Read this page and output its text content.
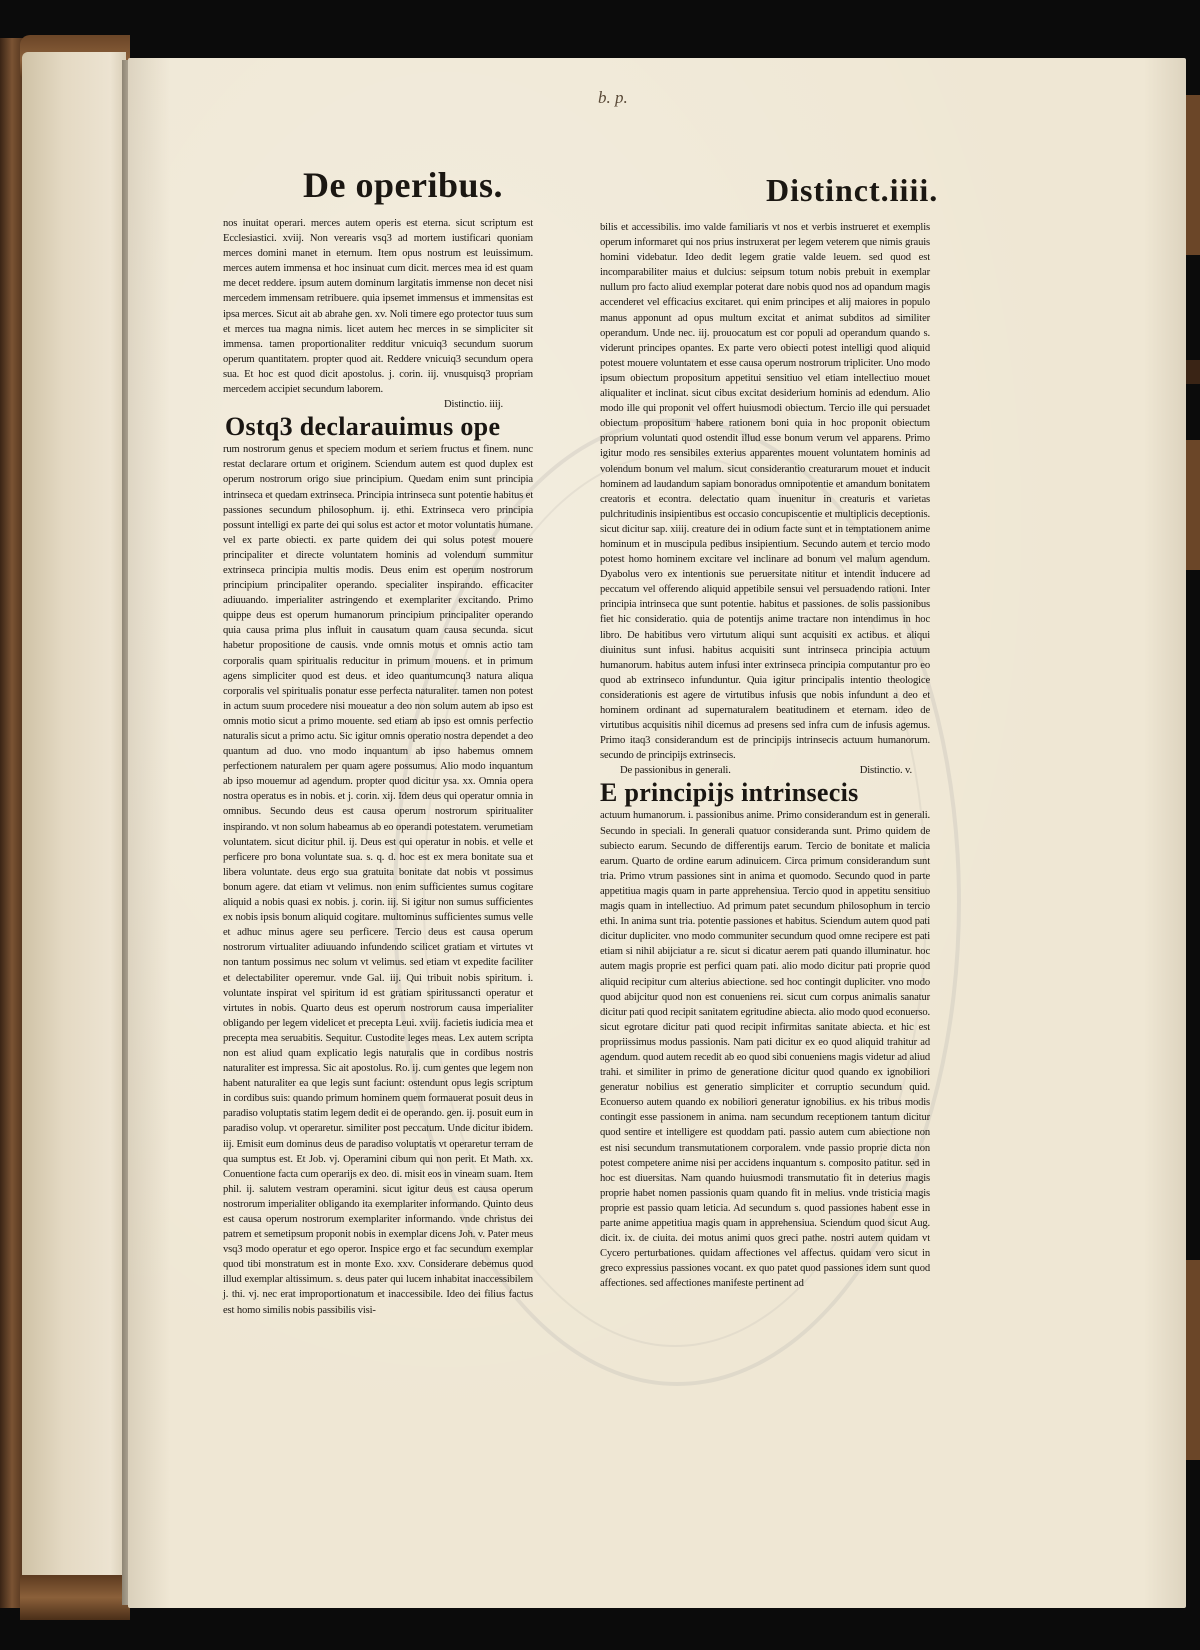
b. p.
De operibus.	Distinct.iiii.

nos inuitat operari. merces autem operis est eterna. sicut scriptum est Ecclesiastici. xviij. Non verearis vsq3 ad mortem iustificari quoniam merces domini manet in eternum. Item opus nostrum est leuissimum. merces autem immensa et hoc insinuat cum dicit. merces mea id est quam me decet reddere. ipsum autem dominum largitatis immense non decet nisi mercedem immensam retribuere. quia ipsemet immensus et immensitas est ipsa merces. Sicut ait ab abrahe gen. xv. Noli timere ego protector tuus sum et merces tua magna nimis. licet autem hec merces in se simpliciter sit immensa. tamen proportionaliter redditur vnicuiq3 secundum suorum operum quantitatem. propter quod ait. Reddere vnicuiq3 secundum opera sua. Et hoc est quod dicit apostolus. j. corin. iij. vnusquisq3 propriam mercedem accipiet secundum laborem.

Distinctio. iiij.

Ostq3 declarauimus ope

rum nostrorum genus et speciem modum et seriem fructus et finem. nunc restat declarare ortum et originem. Sciendum autem est quod duplex est operum nostrorum origo siue principium. Quedam enim sunt principia intrinseca et quedam extrinseca. Principia intrinseca sunt potentie habitus et passiones secundum philosophum. ij. ethi. Extrinseca vero principia possunt intelligi ex parte dei qui solus est actor et motor voluntatis humane. vel ex parte obiecti. ex parte quidem dei qui solus potest mouere principaliter et directe voluntatem hominis ad volendum summitur extrinseca principia multis modis. Deus enim est operum nostrorum principium principaliter operando. specialiter inspirando. efficaciter adiuuando. imperialiter astringendo et exemplariter excitando. Primo quippe deus est operum humanorum principium principaliter operando quia causa prima plus influit in causatum quam causa secunda. sicut habetur propositione de causis. vnde omnis motus et omnis actio tam corporalis quam spiritualis reducitur in primum mouens. et in primum agens simpliciter quod est deus. et ideo quantumcunq3 natura aliqua corporalis vel spiritualis ponatur esse perfecta naturaliter. tamen non potest in actum suum procedere nisi moueatur a deo non solum autem ab ipso est omnis motio sicut a primo mouente. sed etiam ab ipso est omnis perfectio naturalis sicut a primo actu. Sic igitur omnis operatio nostra dependet a deo quantum ad duo. vno modo inquantum ab ipso habemus omnem perfectionem naturalem per quam agere possumus. Alio modo inquantum ab ipso mouemur ad agendum. propter quod dicitur ysa. xx. Omnia opera nostra operatus es in nobis. et j. corin. xij. Idem deus qui operatur omnia in omnibus. Secundo deus est causa operum nostrorum spiritualiter inspirando. vt non solum habeamus ab eo operandi potestatem. verumetiam voluntatem. sicut dicitur phil. ij. Deus est qui operatur in nobis. et velle et perficere pro bona voluntate sua. s. q. d. hoc est ex mera bonitate sua et libera voluntate. deus ergo sua gratuita bonitate dat nobis vt possimus bonum agere. dat etiam vt velimus. non enim sufficientes sumus cogitare aliquid a nobis quasi ex nobis. j. corin. iij. Si igitur non sumus sufficientes ex nobis ipsis bonum aliquid cogitare. multominus sufficientes sumus velle et adhuc minus agere seu perficere. Tercio deus est causa operum nostrorum virtualiter adiuuando infundendo scilicet gratiam et virtutes vt non tantum possimus nec solum vt velimus. sed etiam vt expedite faciliter et delectabiliter operemur. vnde Gal. iij. Qui tribuit nobis spiritum. i. voluntate inspirat vel spiritum id est gratiam spiritussancti operatur et virtutes in nobis. Quarto deus est operum nostrorum causa imperialiter obligando per legem videlicet et precepta Leui. xviij. facietis iudicia mea et precepta mea seruabitis. Sequitur. Custodite leges meas. Lex autem scripta non est aliud quam explicatio legis naturalis que in cordibus nostris naturaliter est impressa. Sic ait apostolus. Ro. ij. cum gentes que legem non habent naturaliter ea que legis sunt faciunt: ostendunt opus legis scriptum in cordibus suis: quando primum hominem quem formauerat posuit deus in paradiso voluptatis statim legem dedit ei de operando. gen. ij. posuit eum in paradiso volup. vt operaretur. similiter post peccatum. Unde dicitur ibidem. iij. Emisit eum dominus deus de paradiso voluptatis vt operaretur terram de qua sumptus est. Et Job. vj. Operamini cibum qui non perit. Et Math. xx. Conuentione facta cum operarijs ex deo. di. misit eos in vineam suam. Item phil. ij. salutem vestram operamini. sicut igitur deus est causa operum nostrorum imperialiter obligando ita exemplariter informando. Quinto deus est causa operum nostrorum exemplariter informando. vnde christus dei patrem et semetipsum proponit nobis in exemplar dicens Joh. v. Pater meus vsq3 modo operatur et ego operor. Inspice ergo et fac secundum exemplar quod tibi monstratum est in monte Exo. xxv. Considerare debemus quod illud exemplar altissimum. s. deus pater qui lucem inhabitat inaccessibilem j. thi. vj. nec erat improportionatum et inaccessibile. Ideo dei filius factus est homo similis nobis passibilis visi-

bilis et accessibilis. imo valde familiaris vt nos et verbis instrueret et exemplis operum informaret qui nos prius instruxerat per legem veterem que nimis grauis homini videbatur. Ideo dedit legem gratie valde leuem. sed quod est incomparabiliter maius et dulcius: seipsum totum nobis prebuit in exemplar nullum pro facto aliud exemplar poterat dare nobis quod nos ad opandum magis accenderet vel efficacius excitaret. qui enim principes et alij maiores in populo manus apponunt ad opus multum excitat et animat subditos ad similiter operandum. Unde nec. iij. prouocatum est cor populi ad operandum quando s. viderunt principes opantes. Ex parte vero obiecti potest intelligi quod aliquid potest mouere voluntatem et esse causa operum nostrorum tripliciter. Uno modo ipsum obiectum propositum appetitui sensitiuo vel etiam intellectiuo mouet aliqualiter et inclinat. sicut cibus excitat desiderium hominis ad edendum. Alio modo ille qui proponit vel offert huiusmodi obiectum. Tercio ille qui persuadet obiectum propositum habere rationem boni quia in hoc proponit obiectum proprium voluntati quod ostendit illud esse bonum verum vel apparens. Primo igitur modo res sensibiles exterius apparentes mouent voluntatem hominis ad volendum bonum vel malum. sicut considerantio creaturarum mouet et inducit hominem ad laudandum sapiam bonoradus omnipotentie et amandum bonitatem creatoris et econtra. delectatio quam inuenitur in creaturis et varietas pulchritudinis insipientibus est occasio concupiscentie et multiplicis deceptionis. sicut dicitur sap. xiiij. creature dei in odium facte sunt et in temptationem anime hominum et in muscipula pedibus insipientium. Secundo autem et tercio modo potest homo hominem excitare vel inclinare ad bonum vel malum agendum. Dyabolus vero ex intentionis sue peruersitate nititur et intendit inducere ad peccatum vel offerendo aliquid appetibile sensui vel persuadendo rationi. Inter principia intrinseca que sunt potentie. habitus et passiones. de solis passionibus fiet hic consideratio. quia de potentijs anime tractare non intendimus in hoc libro. De habitibus vero virtutum aliqui sunt acquisiti ex actibus. et aliqui diuinitus sunt infusi. habitus acquisiti sunt intrinseca principia actuum humanorum. habitus autem infusi inter extrinseca principia computantur pro eo quod ab extrinseco infunduntur. Quia igitur principalis intentio theologice considerationis est agere de virtutibus infusis que nobis infundunt a deo et hominem ordinant ad supernaturalem beatitudinem et eternam. ideo de virtutibus acquisitis nihil dicemus ad presens sed infra cum de infusis agemus. Primo itaq3 considerandum est de principijs intrinsecis actuum humanorum. secundo de principijs extrinsecis.

De passionibus in generali.	Distinctio. v.

E principijs intrinsecis

actuum humanorum. i. passionibus anime. Primo considerandum est in generali. Secundo in speciali. In generali quatuor consideranda sunt. Primo quidem de subiecto earum. Secundo de differentijs earum. Tercio de bonitate et malicia earum. Quarto de ordine earum adinuicem. Circa primum considerandum sunt tria. Primo vtrum passiones sint in anima et quomodo. Secundo quod in parte appetitiua magis quam in parte apprehensiua. Tercio quod in appetitu sensitiuo magis quam in intellectiuo. Ad primum patet secundum philosophum in tercio ethi. In anima sunt tria. potentie passiones et habitus. Sciendum autem quod pati dicitur dupliciter. vno modo communiter secundum quod omne recipere est pati etiam si nihil abijciatur a re. sicut si dicatur aerem pati quando illuminatur. hoc autem magis proprie est perfici quam pati. alio modo dicitur pati proprie quod aliquid recipitur cum alterius abiectione. sed hoc contingit dupliciter. vno modo quod abijcitur quod non est conueniens rei. sicut cum corpus animalis sanatur dicitur pati quod recipit sanitatem egritudine abiecta. alio modo quod econuerso. sicut egrotare dicitur pati quod recipit infirmitas sanitate abiecta. et hic est propriissimus modus passionis. Nam pati dicitur ex eo quod aliquid trahitur ad agendum. quod autem recedit ab eo quod sibi conueniens magis videtur ad aliud trahi. et similiter in primo de generatione dicitur quod quando ex ignobiliori generatur nobilius est generatio simpliciter et corruptio secundum quid. Econuerso autem quando ex nobiliori generatur ignobilius. ex his tribus modis contingit esse passionem in anima. nam secundum receptionem tantum dicitur quod sentire et intelligere est quoddam pati. passio autem cum abiectione non est nisi secundum transmutationem corporalem. vnde passio proprie dicta non potest competere anime nisi per accidens inquantum s. composito patitur. sed in hoc est diuersitas. Nam quando huiusmodi transmutatio fit in deterius magis proprie habet nomen passionis quam quando fit in melius. vnde tristicia magis proprie est passio quam leticia. Ad secundum s. quod passiones habent esse in parte anime appetitiua magis quam in apprehensiua. Sciendum quod sicut Aug. dicit. ix. de ciuita. dei motus animi quos greci pathe. nostri autem quidam vt Cycero perturbationes. quidam affectiones vel affectus. quidam vero sicut in greco expressius passiones vocant. ex quo patet quod passiones idem sunt quod affectiones. sed affectiones manifeste pertinent ad
